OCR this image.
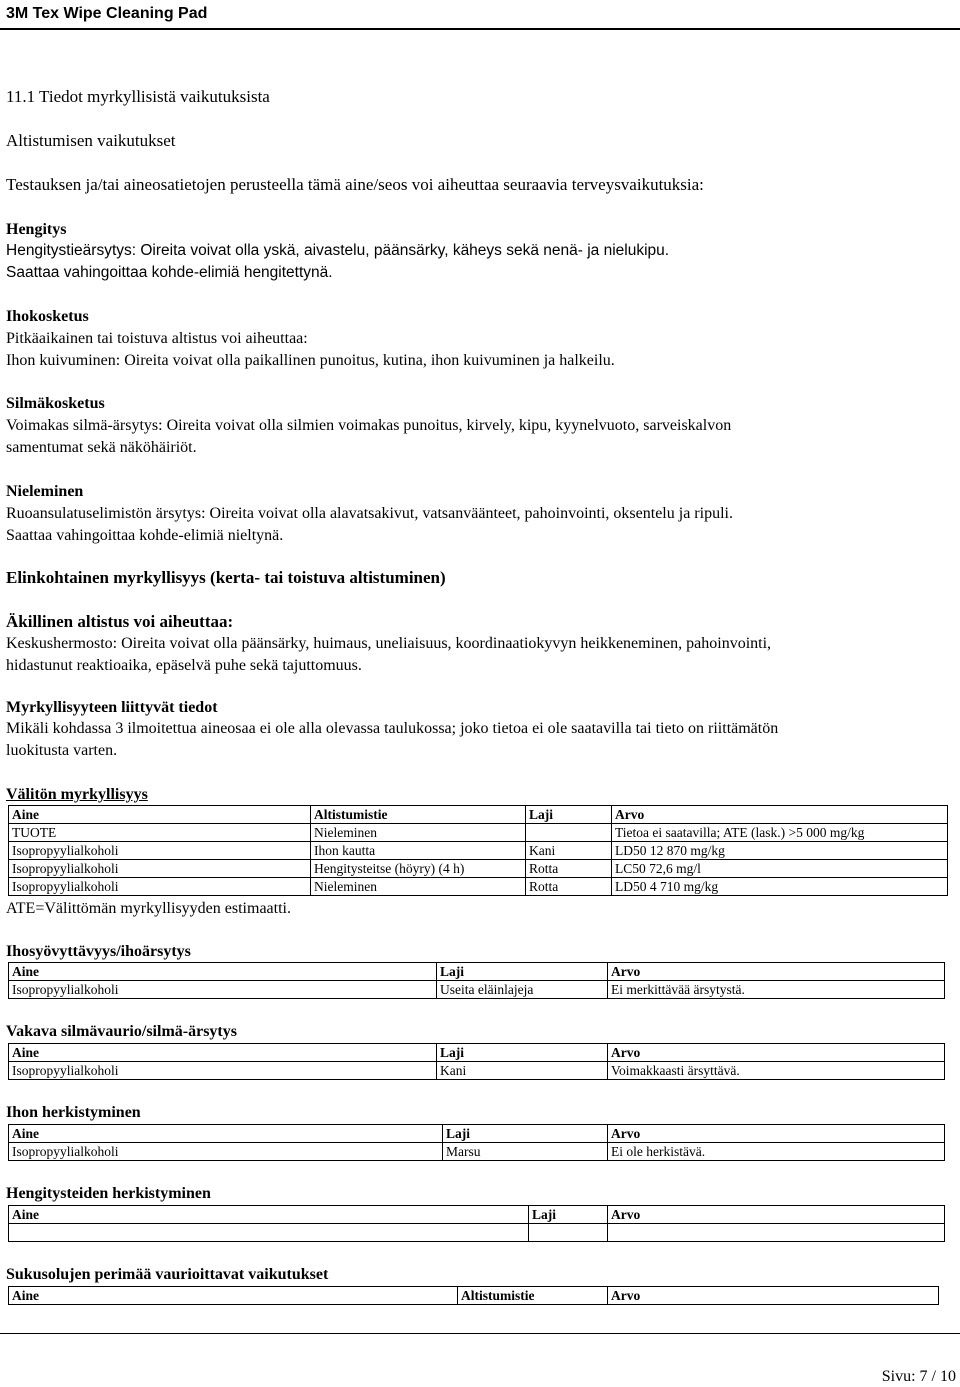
3M Tex Wipe Cleaning Pad
11.1 Tiedot myrkyllisistä vaikutuksista
Altistumisen vaikutukset
Testauksen ja/tai aineosatietojen perusteella tämä aine/seos voi aiheuttaa seuraavia terveysvaikutuksia:
Hengitys
Hengitystieärsytys: Oireita voivat olla yskä, aivastelu, päänsärky, käheys sekä nenä- ja nielukipu.
Saattaa vahingoittaa kohde-elimiä hengitettynä.
Ihokosketus
Pitkäaikainen tai toistuva altistus voi aiheuttaa:
Ihon kuivuminen: Oireita voivat olla paikallinen punoitus, kutina, ihon kuivuminen ja halkeilu.
Silmäkosketus
Voimakas silmä-ärsytys: Oireita voivat olla silmien voimakas punoitus, kirvely, kipu, kyynelvuoto, sarveiskalvon
samentumat sekä näköhäiriöt.
Nieleminen
Ruoansulatuselimistön ärsytys: Oireita voivat olla alavatsakivut, vatsanväänteet, pahoinvointi, oksentelu ja ripuli.
Saattaa vahingoittaa kohde-elimiä nieltynä.
Elinkohtainen myrkyllisyys (kerta- tai toistuva altistuminen)
Äkillinen altistus voi aiheuttaa:
Keskushermosto: Oireita voivat olla päänsärky, huimaus, uneliaisuus, koordinaatiokyvyn heikkeneminen, pahoinvointi,
hidastunut reaktioaika, epäselvä puhe sekä tajuttomuus.
Myrkyllisyyteen liittyvät tiedot
Mikäli kohdassa 3 ilmoitettua aineosaa ei ole alla olevassa taulukossa; joko tietoa ei ole saatavilla tai tieto on riittämätön
luokitusta varten.
Välitön myrkyllisyys
Aine	Altistumistie	Laji	Arvo
TUOTE	Nieleminen		Tietoa ei saatavilla; ATE (lask.) >5 000 mg/kg
Isopropyylialkoholi	Ihon kautta	Kani	LD50 12 870 mg/kg
Isopropyylialkoholi	Hengitysteitse (höyry) (4 h)	Rotta	LC50 72,6 mg/l
Isopropyylialkoholi	Nieleminen	Rotta	LD50 4 710 mg/kg
ATE=Välittömän myrkyllisyyden estimaatti.
Ihosyövyttävyys/ihoärsytys
Aine	Laji	Arvo
Isopropyylialkoholi	Useita eläinlajeja	Ei merkittävää ärsytystä.
Vakava silmävaurio/silmä-ärsytys
Aine	Laji	Arvo
Isopropyylialkoholi	Kani	Voimakkaasti ärsyttävä.
Ihon herkistyminen
Aine	Laji	Arvo
Isopropyylialkoholi	Marsu	Ei ole herkistävä.
Hengitysteiden herkistyminen
Aine	Laji	Arvo

Sukusolujen perimää vaurioittavat vaikutukset
Aine	Altistumistie	Arvo
Sivu: 7 / 10
